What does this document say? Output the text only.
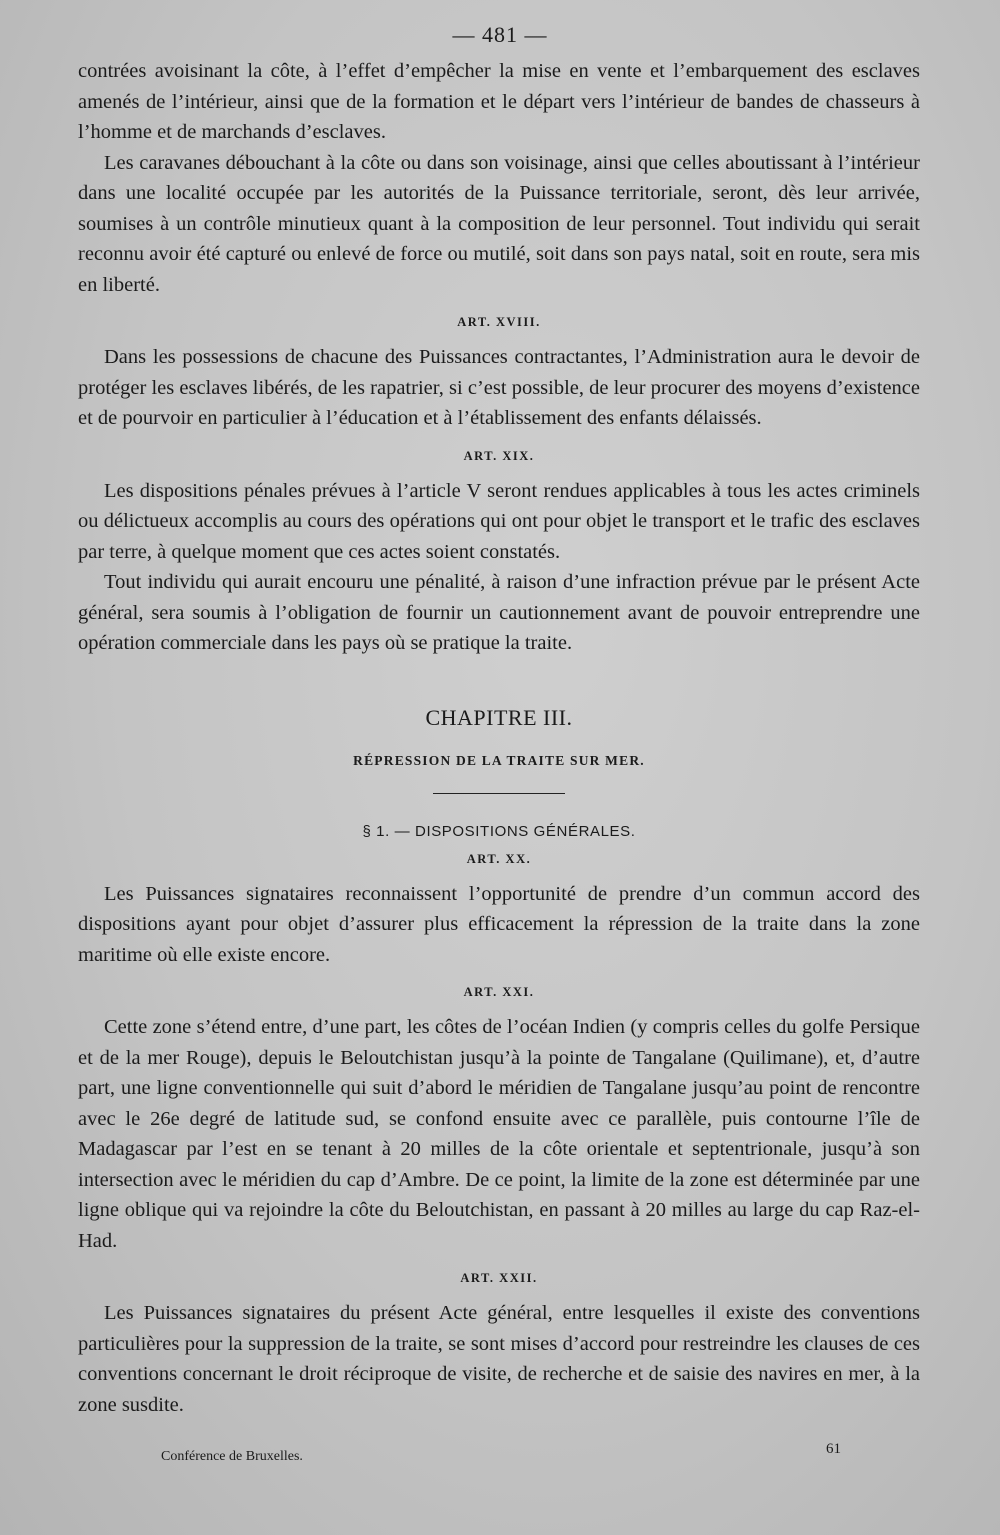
— 481 —

contrées avoisinant la côte, à l’effet d’empêcher la mise en vente et l’embarquement des esclaves amenés de l’intérieur, ainsi que de la formation et le départ vers l’intérieur de bandes de chasseurs à l’homme et de marchands d’esclaves.

Les caravanes débouchant à la côte ou dans son voisinage, ainsi que celles aboutissant à l’intérieur dans une localité occupée par les autorités de la Puissance territoriale, seront, dès leur arrivée, soumises à un contrôle minutieux quant à la composition de leur personnel. Tout individu qui serait reconnu avoir été capturé ou enlevé de force ou mutilé, soit dans son pays natal, soit en route, sera mis en liberté.

ART. XVIII.

Dans les possessions de chacune des Puissances contractantes, l’Administration aura le devoir de protéger les esclaves libérés, de les rapatrier, si c’est possible, de leur procurer des moyens d’existence et de pourvoir en particulier à l’éducation et à l’établissement des enfants délaissés.

ART. XIX.

Les dispositions pénales prévues à l’article V seront rendues applicables à tous les actes criminels ou délictueux accomplis au cours des opérations qui ont pour objet le transport et le trafic des esclaves par terre, à quelque moment que ces actes soient constatés.

Tout individu qui aurait encouru une pénalité, à raison d’une infraction prévue par le présent Acte général, sera soumis à l’obligation de fournir un cautionnement avant de pouvoir entreprendre une opération commerciale dans les pays où se pratique la traite.

CHAPITRE III.
RÉPRESSION DE LA TRAITE SUR MER.
§ 1. — DISPOSITIONS GÉNÉRALES.
ART. XX.

Les Puissances signataires reconnaissent l’opportunité de prendre d’un commun accord des dispositions ayant pour objet d’assurer plus efficacement la répression de la traite dans la zone maritime où elle existe encore.

ART. XXI.

Cette zone s’étend entre, d’une part, les côtes de l’océan Indien (y compris celles du golfe Persique et de la mer Rouge), depuis le Beloutchistan jusqu’à la pointe de Tangalane (Quilimane), et, d’autre part, une ligne conventionnelle qui suit d’abord le méridien de Tangalane jusqu’au point de rencontre avec le 26e degré de latitude sud, se confond ensuite avec ce parallèle, puis contourne l’île de Madagascar par l’est en se tenant à 20 milles de la côte orientale et septentrionale, jusqu’à son intersection avec le méridien du cap d’Ambre. De ce point, la limite de la zone est déterminée par une ligne oblique qui va rejoindre la côte du Beloutchistan, en passant à 20 milles au large du cap Raz-el-Had.

ART. XXII.

Les Puissances signataires du présent Acte général, entre lesquelles il existe des conventions particulières pour la suppression de la traite, se sont mises d’accord pour restreindre les clauses de ces conventions concernant le droit réciproque de visite, de recherche et de saisie des navires en mer, à la zone susdite.

Conférence de Bruxelles.	61
